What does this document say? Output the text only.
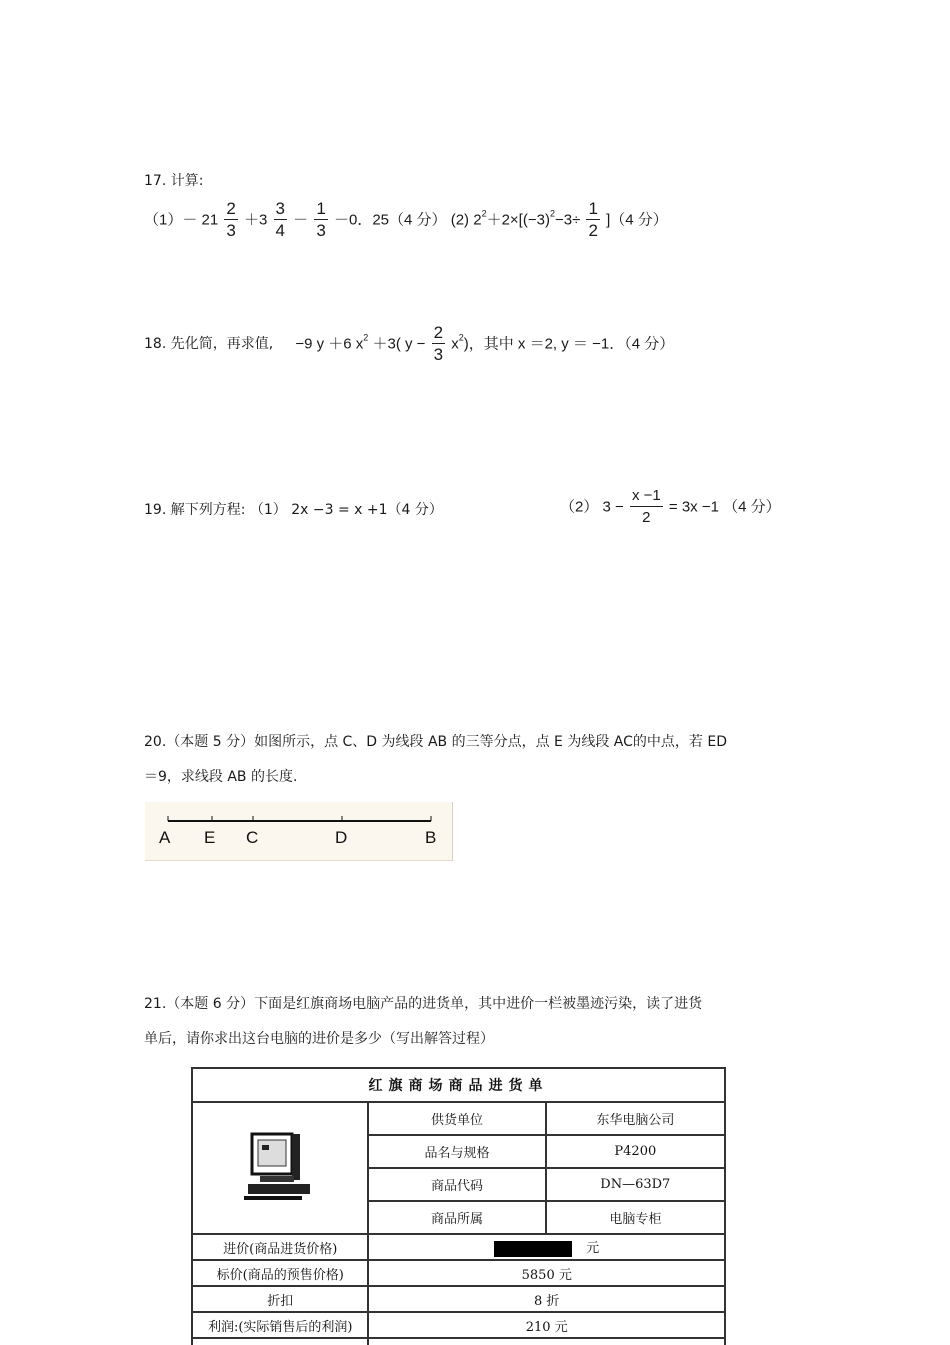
17. 计算:
$(1)- 21 \frac{2}{3} +3 \frac{3}{4} - \frac{1}{3} -0$．25（4 分） (2) $2^2+2\times[(-3)^2-3\div \frac{1}{2} ](4$ 分）
18. 先化简，再求值, −9 y ＋6 $x^2 +3$( $y - \frac{2}{3} x^2$)，其中 x ＝2, y ＝ −1．（4 分）
19. 解下列方程: （1） 2x −3 = x +1（4 分）	（2） $3 - \frac{x -1}{2} = 3x -1$ （4 分）
20.（本题 5 分）如图所示，点 C、D 为线段 AB 的三等分点，点 E 为线段 AC的中点，若 ED
＝9，求线段 AB 的长度.
A E C	D	B
21.（本题 6 分）下面是红旗商场电脑产品的进货单，其中进价一栏被墨迹污染，读了进货
单后，请你求出这台电脑的进价是多少（写出解答过程）
红旗商场商品进货单		
	供货单位	东华电脑公司
	品名与规格	P4200
	商品代码	DN—63D7
	商品所属	电脑专柜
进价(商品进货价格)	元	
标价(商品的预售价格)	5850 元	
折扣	8 折	
利润:(实际销售后的利润)	210 元	
